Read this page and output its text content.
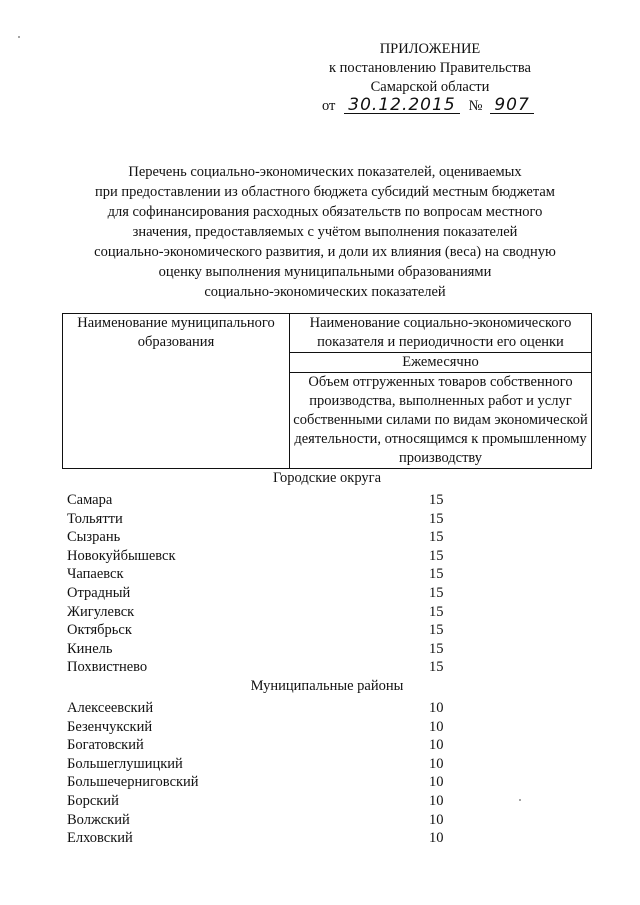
ПРИЛОЖЕНИЕ
к постановлению Правительства
Самарской области
от 30.12.2015 № 907
Перечень социально-экономических показателей, оцениваемых
при предоставлении из областного бюджета субсидий местным бюджетам
для софинансирования расходных обязательств по вопросам местного
значения, предоставляемых с учётом выполнения показателей
социально-экономического развития, и доли их влияния (веса) на сводную
оценку выполнения муниципальными образованиями
социально-экономических показателей
Наименование муниципального образования	Наименование социально-экономического показателя и периодичности его оценки
Ежемесячно
Объем отгруженных товаров собственного производства, выполненных работ и услуг собственными силами по видам экономической деятельности, относящимся к промышленному производству
Городские округа
Самара	15
Тольятти	15
Сызрань	15
Новокуйбышевск	15
Чапаевск	15
Отрадный	15
Жигулевск	15
Октябрьск	15
Кинель	15
Похвистнево	15
Муниципальные районы
Алексеевский	10
Безенчукский	10
Богатовский	10
Большеглушицкий	10
Большечерниговский	10
Борский	10
Волжский	10
Елховский	10
